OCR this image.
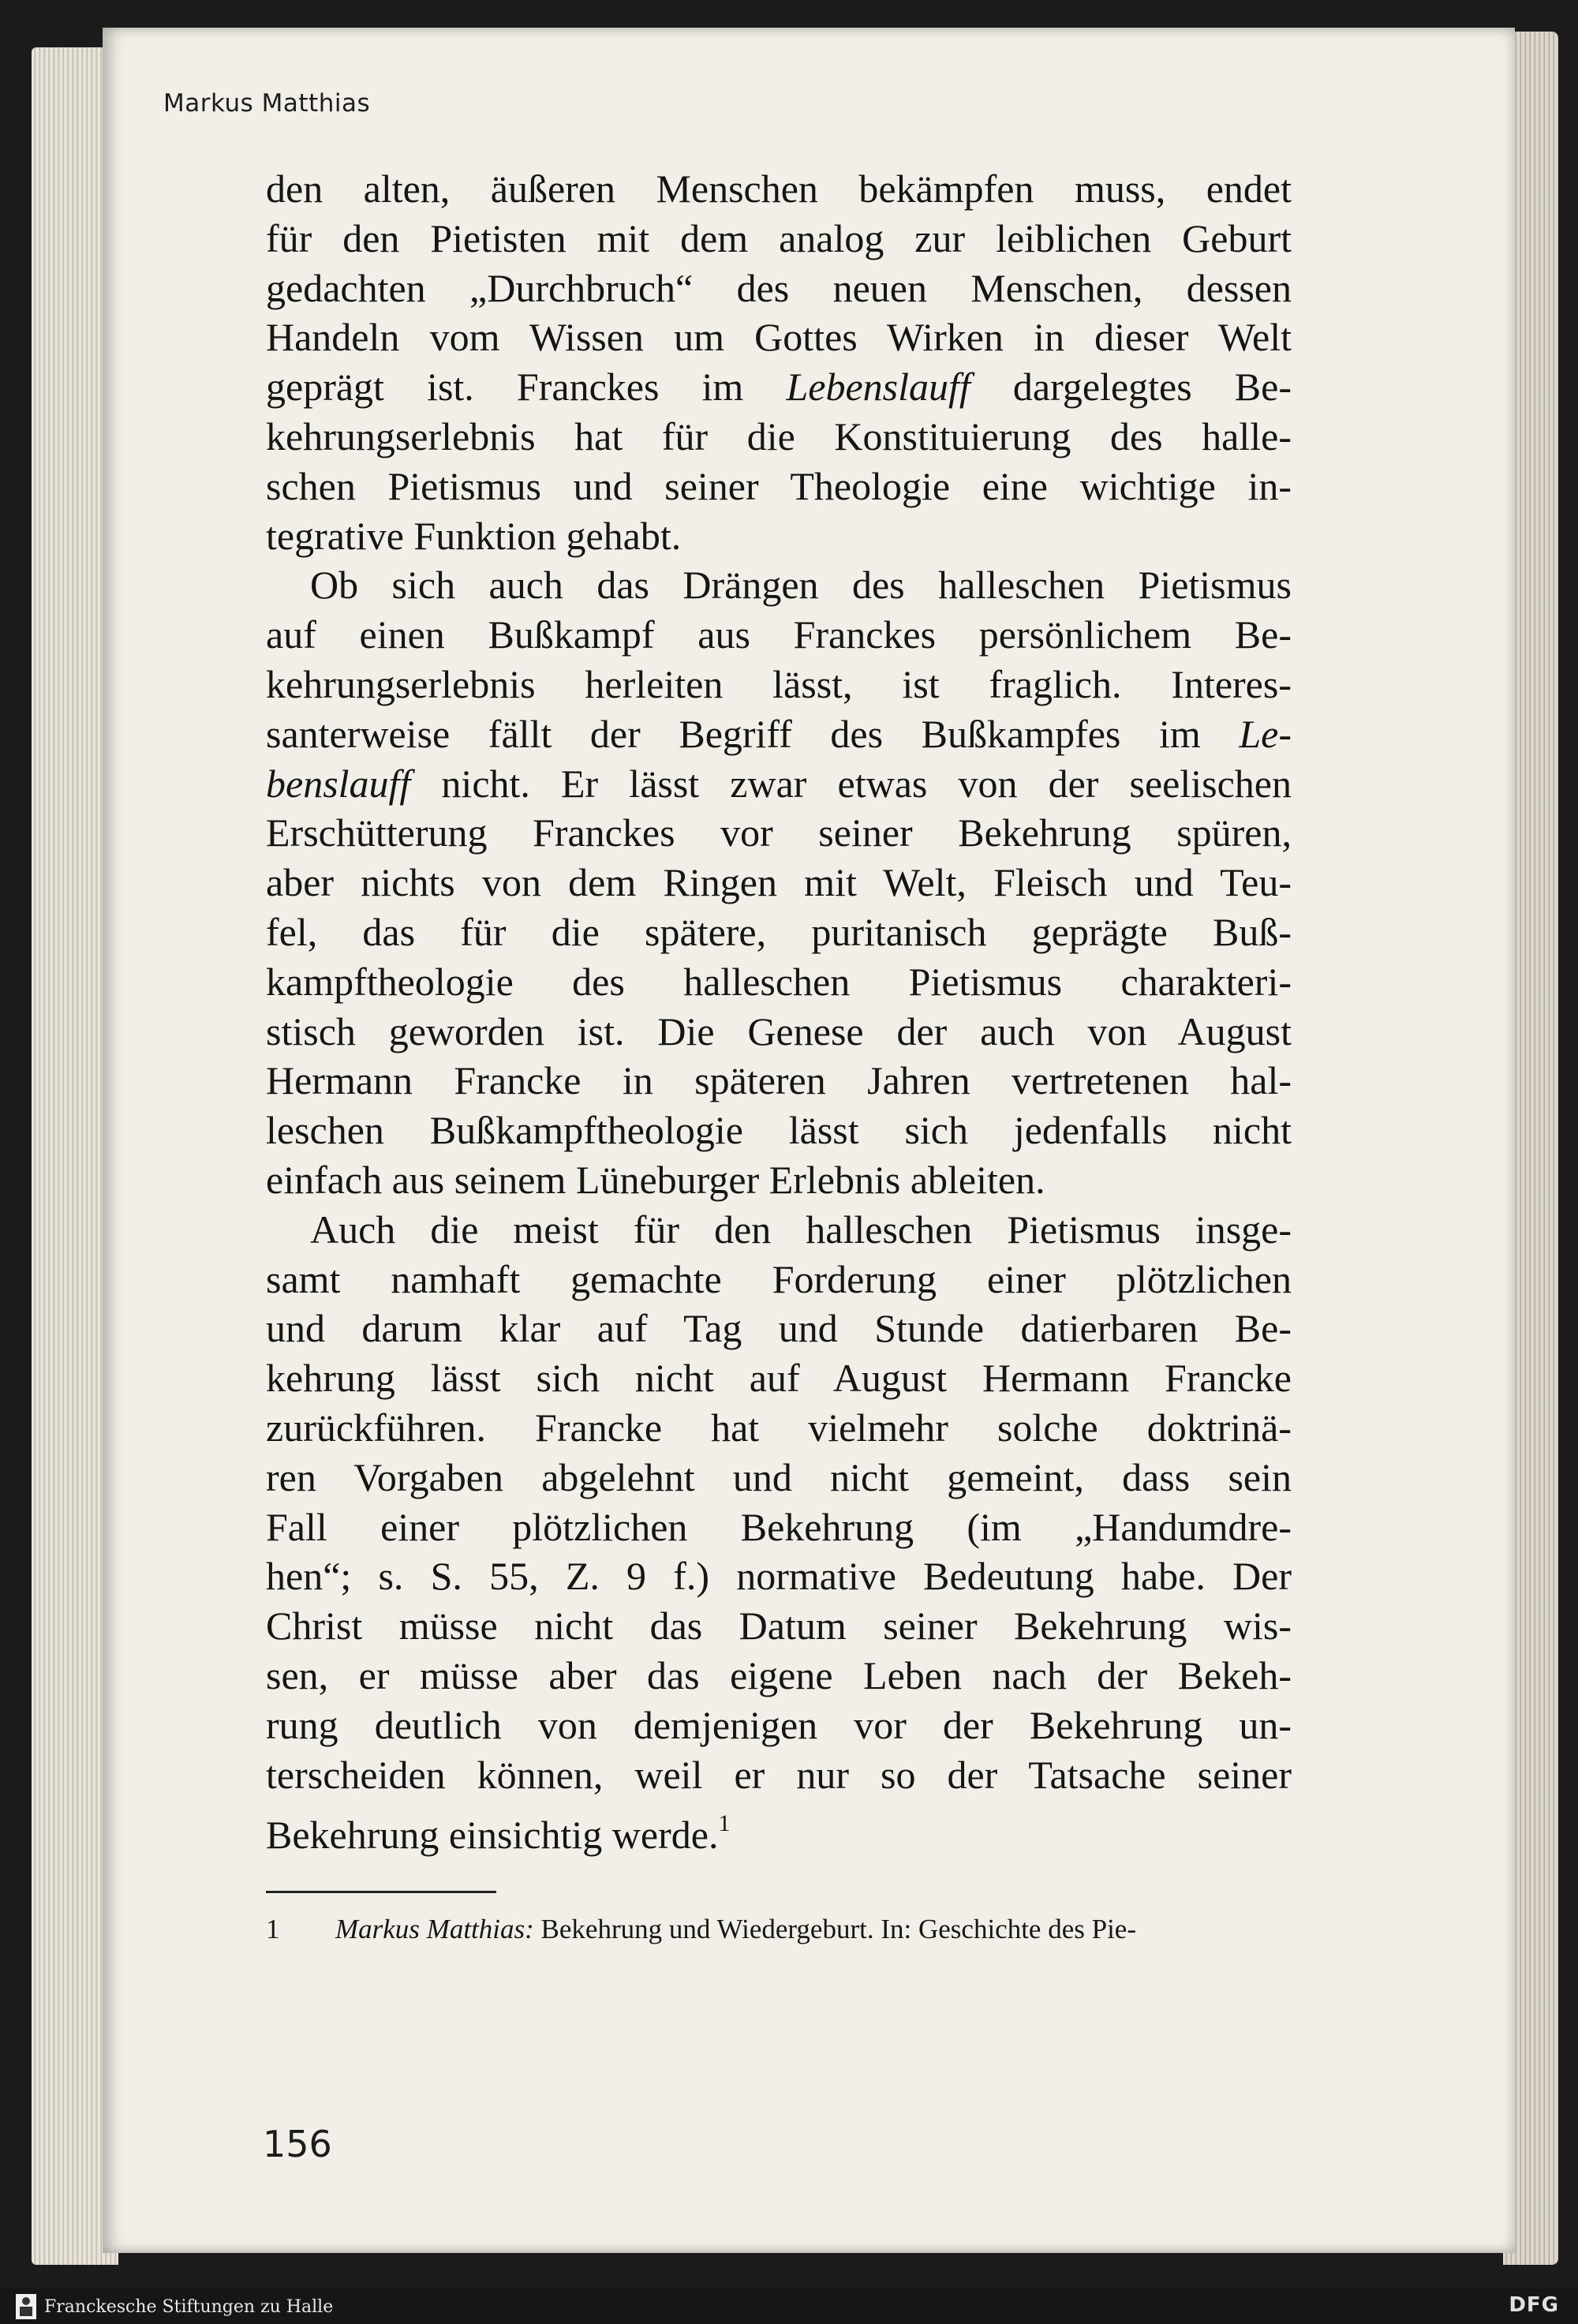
Markus Matthias
den alten, äußeren Menschen bekämpfen muss, endet
für den Pietisten mit dem analog zur leiblichen Geburt
gedachten „Durchbruch“ des neuen Menschen, dessen
Handeln vom Wissen um Gottes Wirken in dieser Welt
geprägt ist. Franckes im Lebenslauff dargelegtes Be-
kehrungserlebnis hat für die Konstituierung des halle-
schen Pietismus und seiner Theologie eine wichtige in-
tegrative Funktion gehabt.
Ob sich auch das Drängen des halleschen Pietismus
auf einen Bußkampf aus Franckes persönlichem Be-
kehrungserlebnis herleiten lässt, ist fraglich. Interes-
santerweise fällt der Begriff des Bußkampfes im Le-
benslauff nicht. Er lässt zwar etwas von der seelischen
Erschütterung Franckes vor seiner Bekehrung spüren,
aber nichts von dem Ringen mit Welt, Fleisch und Teu-
fel, das für die spätere, puritanisch geprägte Buß-
kampftheologie des halleschen Pietismus charakteri-
stisch geworden ist. Die Genese der auch von August
Hermann Francke in späteren Jahren vertretenen hal-
leschen Bußkampftheologie lässt sich jedenfalls nicht
einfach aus seinem Lüneburger Erlebnis ableiten.
Auch die meist für den halleschen Pietismus insge-
samt namhaft gemachte Forderung einer plötzlichen
und darum klar auf Tag und Stunde datierbaren Be-
kehrung lässt sich nicht auf August Hermann Francke
zurückführen. Francke hat vielmehr solche doktrinä-
ren Vorgaben abgelehnt und nicht gemeint, dass sein
Fall einer plötzlichen Bekehrung (im „Handumdre-
hen“; s. S. 55, Z. 9 f.) normative Bedeutung habe. Der
Christ müsse nicht das Datum seiner Bekehrung wis-
sen, er müsse aber das eigene Leben nach der Bekeh-
rung deutlich von demjenigen vor der Bekehrung un-
terscheiden können, weil er nur so der Tatsache seiner
Bekehrung einsichtig werde.$^1$
1 Markus Matthias: Bekehrung und Wiedergeburt. In: Geschichte des Pie-
156
Franckesche Stiftungen zu Halle	DFG
